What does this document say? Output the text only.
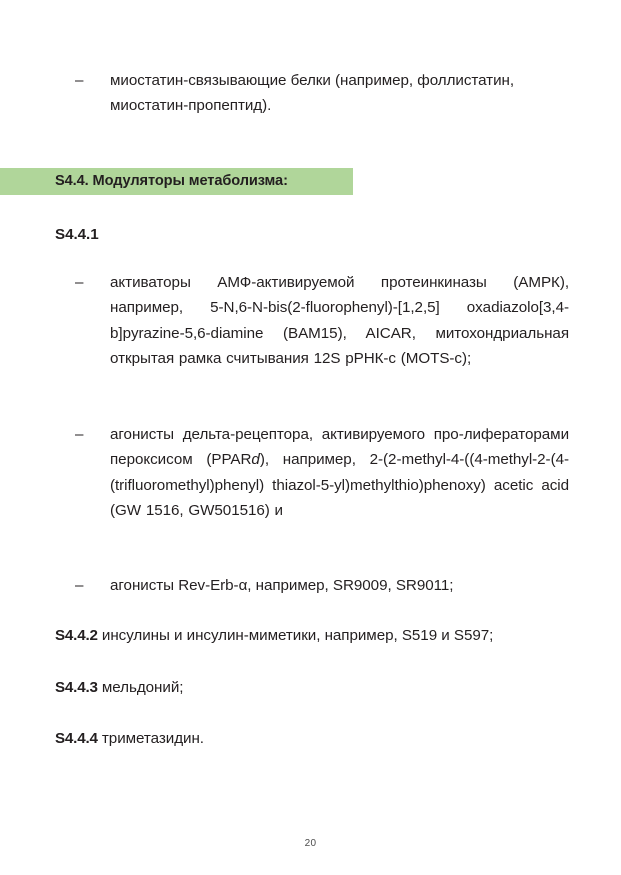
–	миостатин-связывающие белки (например, фоллистатин, миостатин-пропептид).
S4.4. Модуляторы метаболизма:
S4.4.1
–	активаторы АМФ-активируемой протеинкиназы (АМРК), например, 5-N,6-N-bis(2-fluorophenyl)-[1,2,5] oxadiazolo[3,4-b]pyrazine-5,6-diamine (BAM15), AICAR, митохондриальная открытая рамка считывания 12S рРНК-c (MOTS-c);
–	агонисты дельта-рецептора, активируемого про-лифераторами пероксисом (PPARd), например, 2-(2-methyl-4-((4-methyl-2-(4-(trifluoromethyl)phenyl) thiazol-5-yl)methylthio)phenoxy) acetic acid (GW 1516, GW501516) и
–	агонисты Rev-Erb-α, например, SR9009, SR9011;
S4.4.2 инсулины и инсулин-миметики, например, S519 и S597;
S4.4.3 мельдоний;
S4.4.4 триметазидин.
20
